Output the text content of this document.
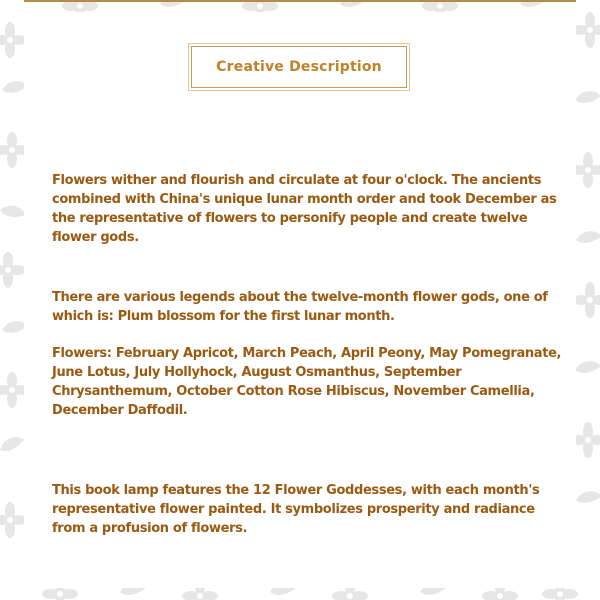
Creative Description

Flowers wither and flourish and circulate at four o'clock. The ancients combined with China's unique lunar month order and took December as the representative of flowers to personify people and create twelve flower gods.

There are various legends about the twelve-month flower gods, one of which is: Plum blossom for the first lunar month.

Flowers: February Apricot, March Peach, April Peony, May Pomegranate, June Lotus, July Hollyhock, August Osmanthus, September Chrysanthemum, October Cotton Rose Hibiscus, November Camellia, December Daffodil.

This book lamp features the 12 Flower Goddesses, with each month's representative flower painted. It symbolizes prosperity and radiance from a profusion of flowers.
